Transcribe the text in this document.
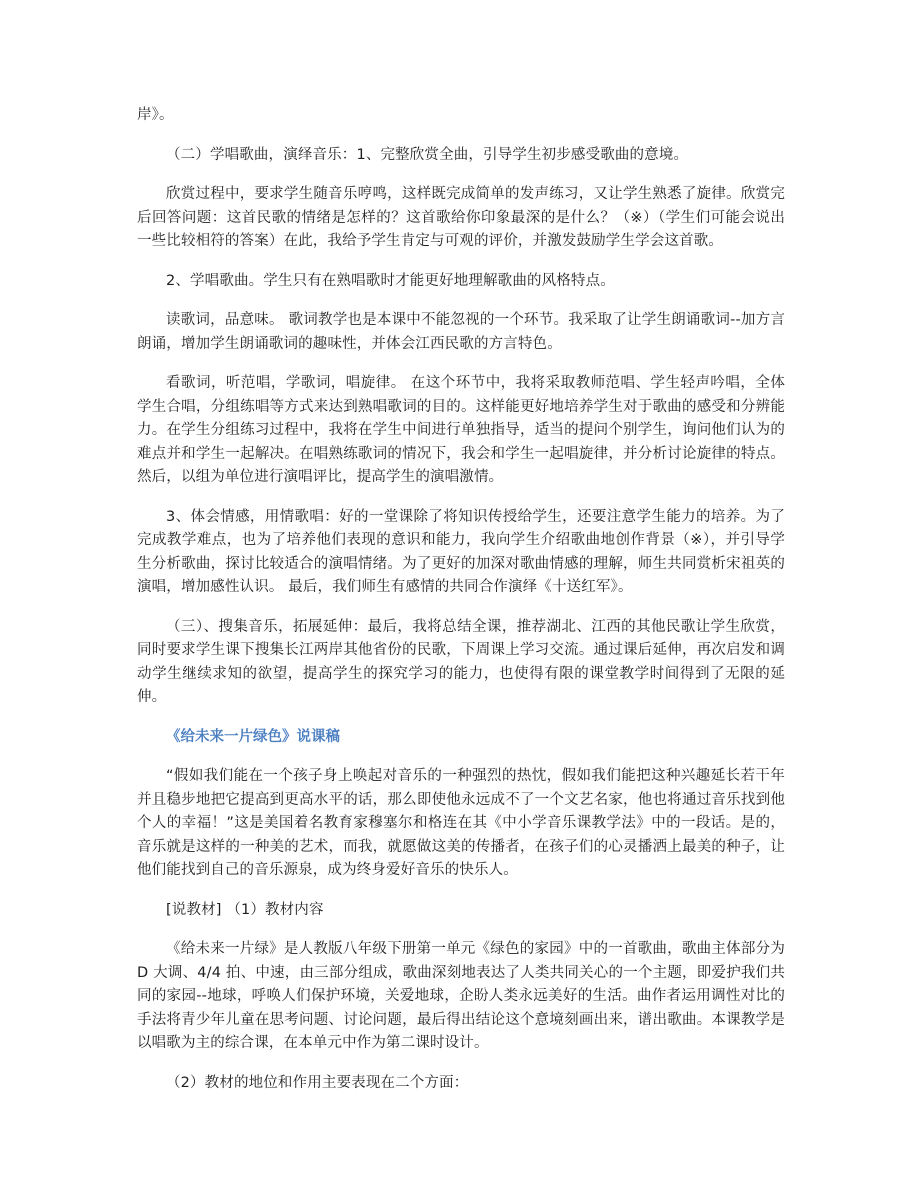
岸》。

（二）学唱歌曲，演绎音乐：1、完整欣赏全曲，引导学生初步感受歌曲的意境。

欣赏过程中，要求学生随音乐哼鸣，这样既完成简单的发声练习，又让学生熟悉了旋律。欣赏完后回答问题：这首民歌的情绪是怎样的？这首歌给你印象最深的是什么？（※）（学生们可能会说出一些比较相符的答案）在此，我给予学生肯定与可观的评价，并激发鼓励学生学会这首歌。

2、学唱歌曲。学生只有在熟唱歌时才能更好地理解歌曲的风格特点。

读歌词，品意味。 歌词教学也是本课中不能忽视的一个环节。我采取了让学生朗诵歌词--加方言朗诵，增加学生朗诵歌词的趣味性，并体会江西民歌的方言特色。

看歌词，听范唱，学歌词，唱旋律。 在这个环节中，我将采取教师范唱、学生轻声吟唱，全体学生合唱，分组练唱等方式来达到熟唱歌词的目的。这样能更好地培养学生对于歌曲的感受和分辨能力。在学生分组练习过程中，我将在学生中间进行单独指导，适当的提问个别学生，询问他们认为的难点并和学生一起解决。在唱熟练歌词的情况下，我会和学生一起唱旋律，并分析讨论旋律的特点。然后，以组为单位进行演唱评比，提高学生的演唱激情。

3、体会情感，用情歌唱：好的一堂课除了将知识传授给学生，还要注意学生能力的培养。为了完成教学难点，也为了培养他们表现的意识和能力，我向学生介绍歌曲地创作背景（※），并引导学生分析歌曲，探讨比较适合的演唱情绪。为了更好的加深对歌曲情感的理解，师生共同赏析宋祖英的演唱，增加感性认识。 最后，我们师生有感情的共同合作演绎《十送红军》。

（三）、搜集音乐，拓展延伸：最后，我将总结全课，推荐湖北、江西的其他民歌让学生欣赏，同时要求学生课下搜集长江两岸其他省份的民歌，下周课上学习交流。通过课后延伸，再次启发和调动学生继续求知的欲望，提高学生的探究学习的能力，也使得有限的课堂教学时间得到了无限的延伸。

《给未来一片绿色》说课稿

“假如我们能在一个孩子身上唤起对音乐的一种强烈的热忱，假如我们能把这种兴趣延长若干年并且稳步地把它提高到更高水平的话，那么即使他永远成不了一个文艺名家，他也将通过音乐找到他个人的幸福！”这是美国着名教育家穆塞尔和格连在其《中小学音乐课教学法》中的一段话。是的，音乐就是这样的一种美的艺术，而我，就愿做这美的传播者，在孩子们的心灵播洒上最美的种子，让他们能找到自己的音乐源泉，成为终身爱好音乐的快乐人。

[说教材] （1）教材内容

《给未来一片绿》是人教版八年级下册第一单元《绿色的家园》中的一首歌曲，歌曲主体部分为 D 大调、4/4 拍、中速，由三部分组成，歌曲深刻地表达了人类共同关心的一个主题，即爱护我们共同的家园--地球，呼唤人们保护环境，关爱地球，企盼人类永远美好的生活。曲作者运用调性对比的手法将青少年儿童在思考问题、讨论问题，最后得出结论这个意境刻画出来，谱出歌曲。本课教学是以唱歌为主的综合课，在本单元中作为第二课时设计。

（2）教材的地位和作用主要表现在二个方面：
